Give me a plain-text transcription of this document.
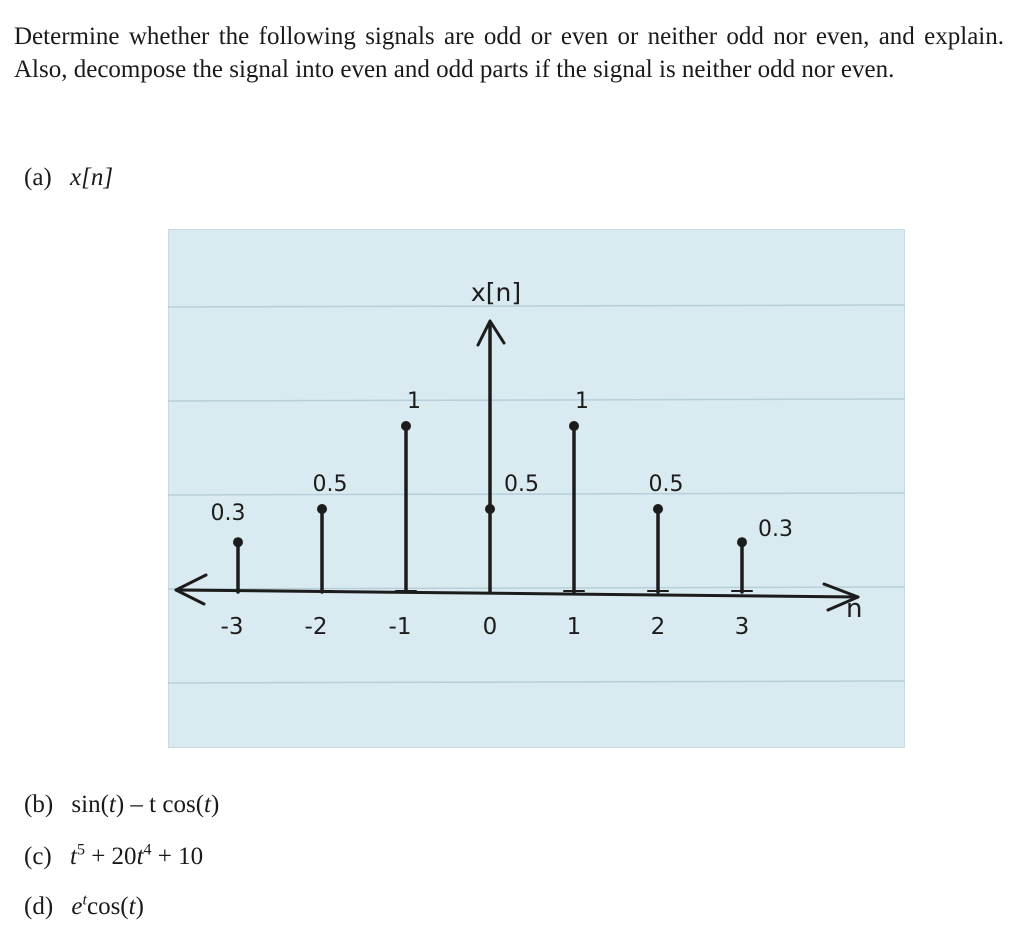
Determine whether the following signals are odd or even or neither odd nor even, and explain. Also, decompose the signal into even and odd parts if the signal is neither odd nor even.

(a) x[n]
n
x[n]
0.3
-3
0.5
-2
1
-1
0.5
0
1
1
0.5
2
0.3
3
(b) sin(t) – t cos(t)
(c) $t^5 + 20t^4 + 10$
(d) $e^t\cos(t)$
